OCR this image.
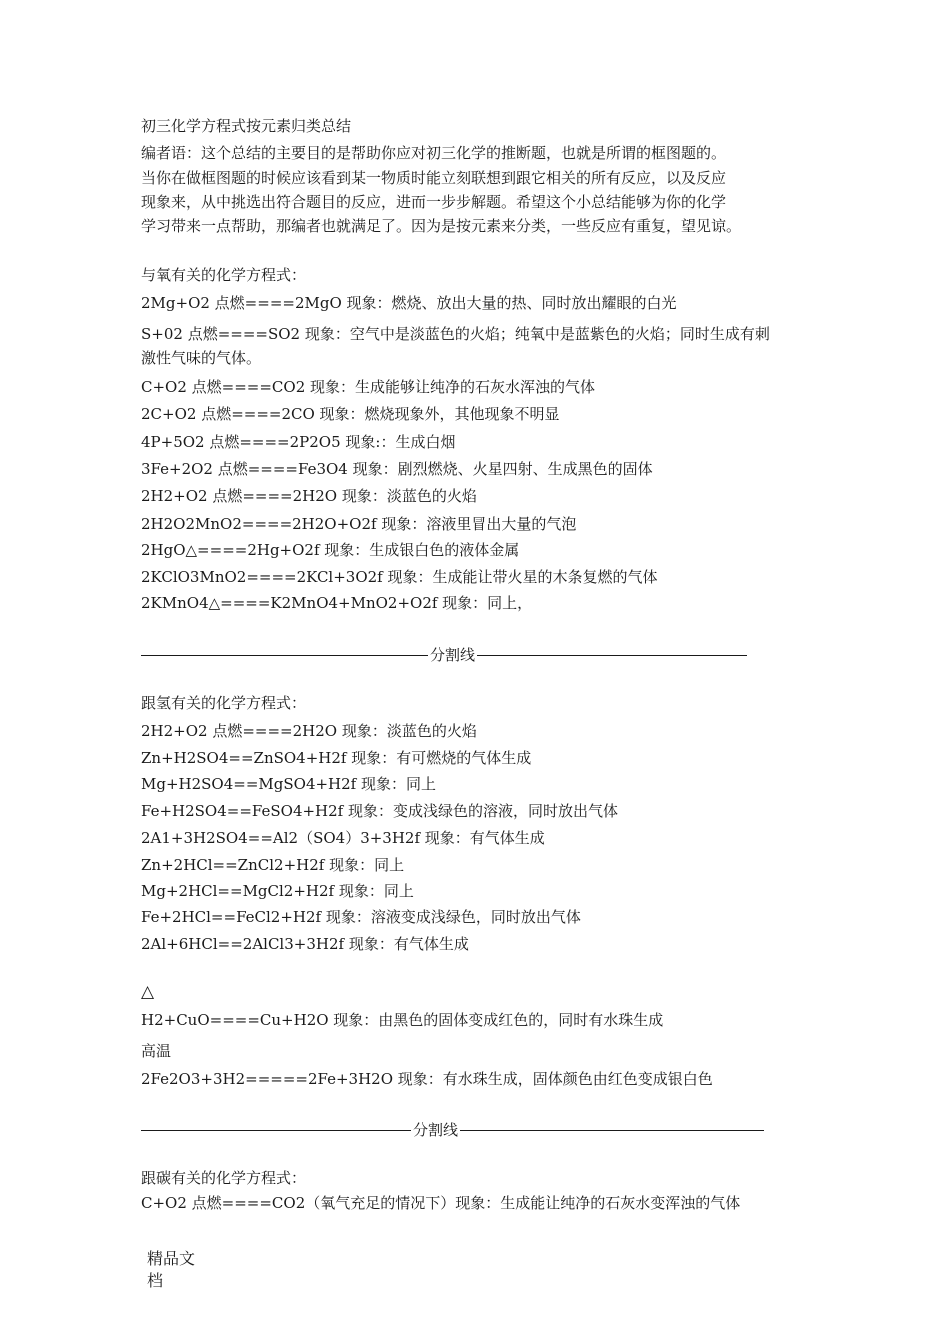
初三化学方程式按元素归类总结
编者语：这个总结的主要目的是帮助你应对初三化学的推断题，也就是所谓的框图题的。
当你在做框图题的时候应该看到某一物质时能立刻联想到跟它相关的所有反应，以及反应
现象来，从中挑选出符合题目的反应，进而一步步解题。希望这个小总结能够为你的化学
学习带来一点帮助，那编者也就满足了。因为是按元素来分类，一些反应有重复，望见谅。
与氧有关的化学方程式：
2Mg+O2 点燃====2MgO 现象：燃烧、放出大量的热、同时放出耀眼的白光
S+02 点燃====SO2 现象：空气中是淡蓝色的火焰；纯氧中是蓝紫色的火焰；同时生成有刺
激性气味的气体。
C+O2 点燃====CO2 现象：生成能够让纯净的石灰水浑浊的气体
2C+O2 点燃====2CO 现象：燃烧现象外，其他现象不明显
4P+5O2 点燃====2P2O5 现象:：生成白烟
3Fe+2O2 点燃====Fe3O4 现象：剧烈燃烧、火星四射、生成黑色的固体
2H2+O2 点燃====2H2O 现象：淡蓝色的火焰
2H2O2MnO2====2H2O+O2f 现象：溶液里冒出大量的气泡
2HgO△====2Hg+O2f 现象：生成银白色的液体金属
2KClO3MnO2====2KCl+3O2f 现象：生成能让带火星的木条复燃的气体
2KMnO4△====K2MnO4+MnO2+O2f 现象：同上，
分割线
跟氢有关的化学方程式：
2H2+O2 点燃====2H2O 现象：淡蓝色的火焰
Zn+H2SO4==ZnSO4+H2f 现象：有可燃烧的气体生成
Mg+H2SO4==MgSO4+H2f 现象：同上
Fe+H2SO4==FeSO4+H2f 现象：变成浅绿色的溶液，同时放出气体
2A1+3H2SO4==Al2（SO4）3+3H2f 现象：有气体生成
Zn+2HCl==ZnCl2+H2f 现象：同上
Mg+2HCl==MgCl2+H2f 现象：同上
Fe+2HCl==FeCl2+H2f 现象：溶液变成浅绿色，同时放出气体
2Al+6HCl==2AlCl3+3H2f 现象：有气体生成
△
H2+CuO====Cu+H2O 现象：由黑色的固体变成红色的，同时有水珠生成
高温
2Fe2O3+3H2=====2Fe+3H2O 现象：有水珠生成，固体颜色由红色变成银白色
分割线
跟碳有关的化学方程式：
C+O2 点燃====CO2（氧气充足的情况下）现象：生成能让纯净的石灰水变浑浊的气体
精品文
档
